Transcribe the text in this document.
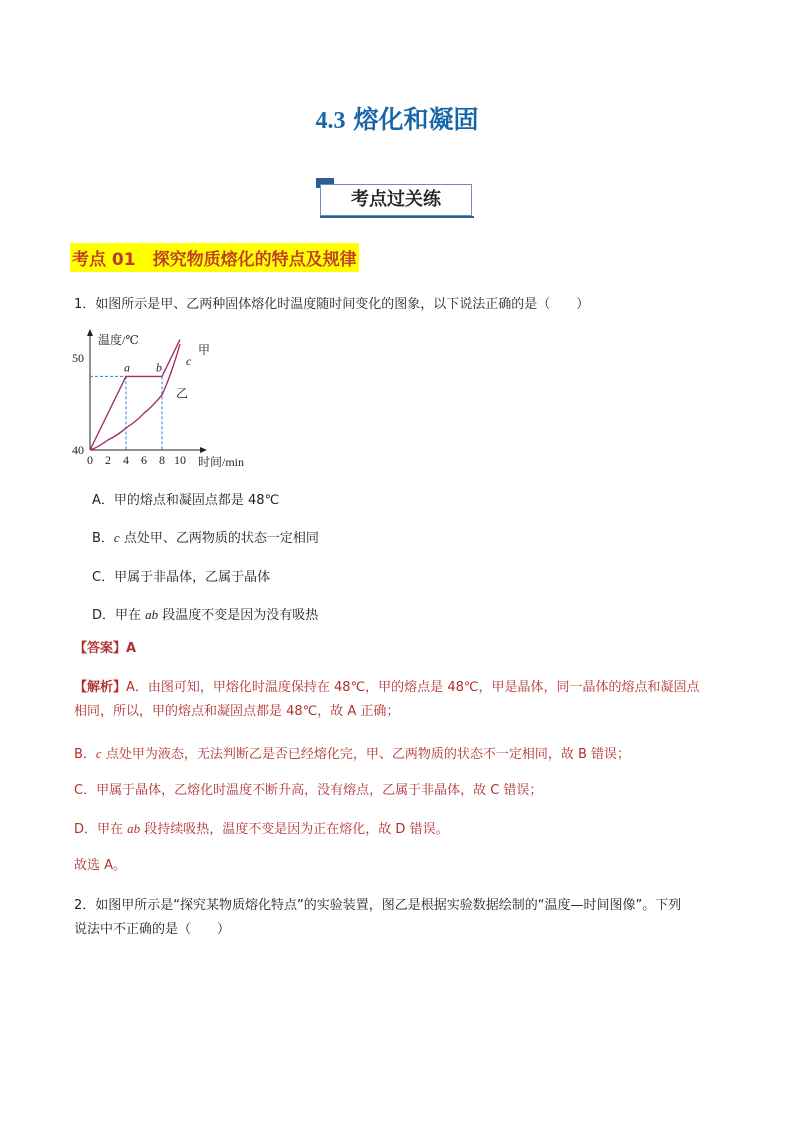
4.3 熔化和凝固
考点过关练
考点 01　探究物质熔化的特点及规律
1．如图所示是甲、乙两种固体熔化时温度随时间变化的图象，以下说法正确的是（　　）
温度/℃
时间/min
0 2 4 6 8 10
40
50
a b c
甲
乙
A．甲的熔点和凝固点都是 48℃
B．c 点处甲、乙两物质的状态一定相同
C．甲属于非晶体，乙属于晶体
D．甲在 ab 段温度不变是因为没有吸热
【答案】A
【解析】A．由图可知，甲熔化时温度保持在 48℃，甲的熔点是 48℃，甲是晶体，同一晶体的熔点和凝固点
相同，所以，甲的熔点和凝固点都是 48℃，故 A 正确；
B．c 点处甲为液态，无法判断乙是否已经熔化完，甲、乙两物质的状态不一定相同，故 B 错误；
C．甲属于晶体，乙熔化时温度不断升高，没有熔点，乙属于非晶体，故 C 错误；
D．甲在 ab 段持续吸热，温度不变是因为正在熔化，故 D 错误。
故选 A。
2．如图甲所示是“探究某物质熔化特点”的实验装置，图乙是根据实验数据绘制的“温度—时间图像”。下列
说法中不正确的是（　　）
